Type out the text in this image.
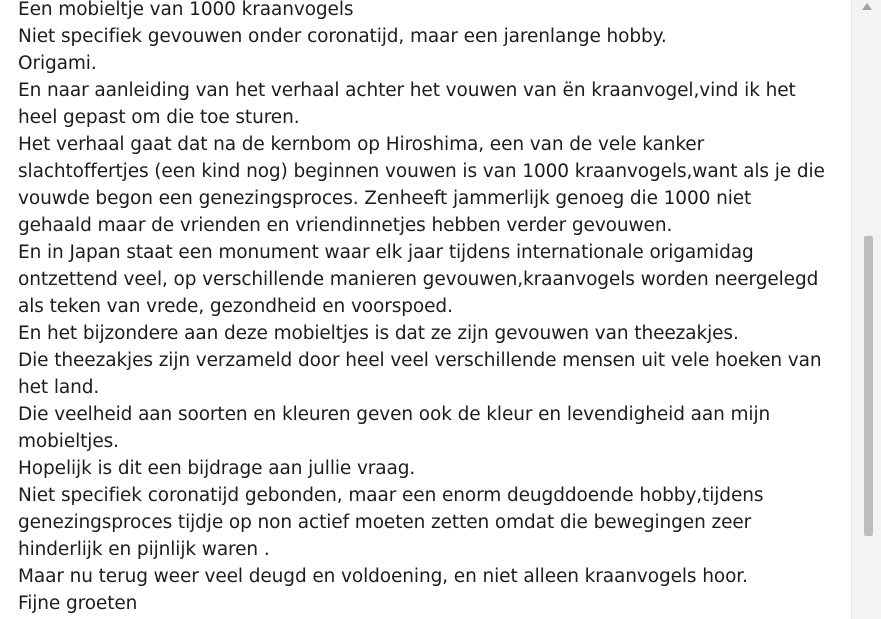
Een mobieltje van 1000 kraanvogels
Niet specifiek gevouwen onder coronatijd, maar een jarenlange hobby.
Origami.
En naar aanleiding van het verhaal achter het vouwen van ën kraanvogel,vind ik het
heel gepast om die toe sturen.
Het verhaal gaat dat na de kernbom op Hiroshima, een van de vele kanker
slachtoffertjes (een kind nog) beginnen vouwen is van 1000 kraanvogels,want als je die
vouwde begon een genezingsproces. Zenheeft jammerlijk genoeg die 1000 niet
gehaald maar de vrienden en vriendinnetjes hebben verder gevouwen.
En in Japan staat een monument waar elk jaar tijdens internationale origamidag
ontzettend veel, op verschillende manieren gevouwen,kraanvogels worden neergelegd
als teken van vrede, gezondheid en voorspoed.
En het bijzondere aan deze mobieltjes is dat ze zijn gevouwen van theezakjes.
Die theezakjes zijn verzameld door heel veel verschillende mensen uit vele hoeken van
het land.
Die veelheid aan soorten en kleuren geven ook de kleur en levendigheid aan mijn
mobieltjes.
Hopelijk is dit een bijdrage aan jullie vraag.
Niet specifiek coronatijd gebonden, maar een enorm deugddoende hobby,tijdens
genezingsproces tijdje op non actief moeten zetten omdat die bewegingen zeer
hinderlijk en pijnlijk waren .
Maar nu terug weer veel deugd en voldoening, en niet alleen kraanvogels hoor.
Fijne groeten
